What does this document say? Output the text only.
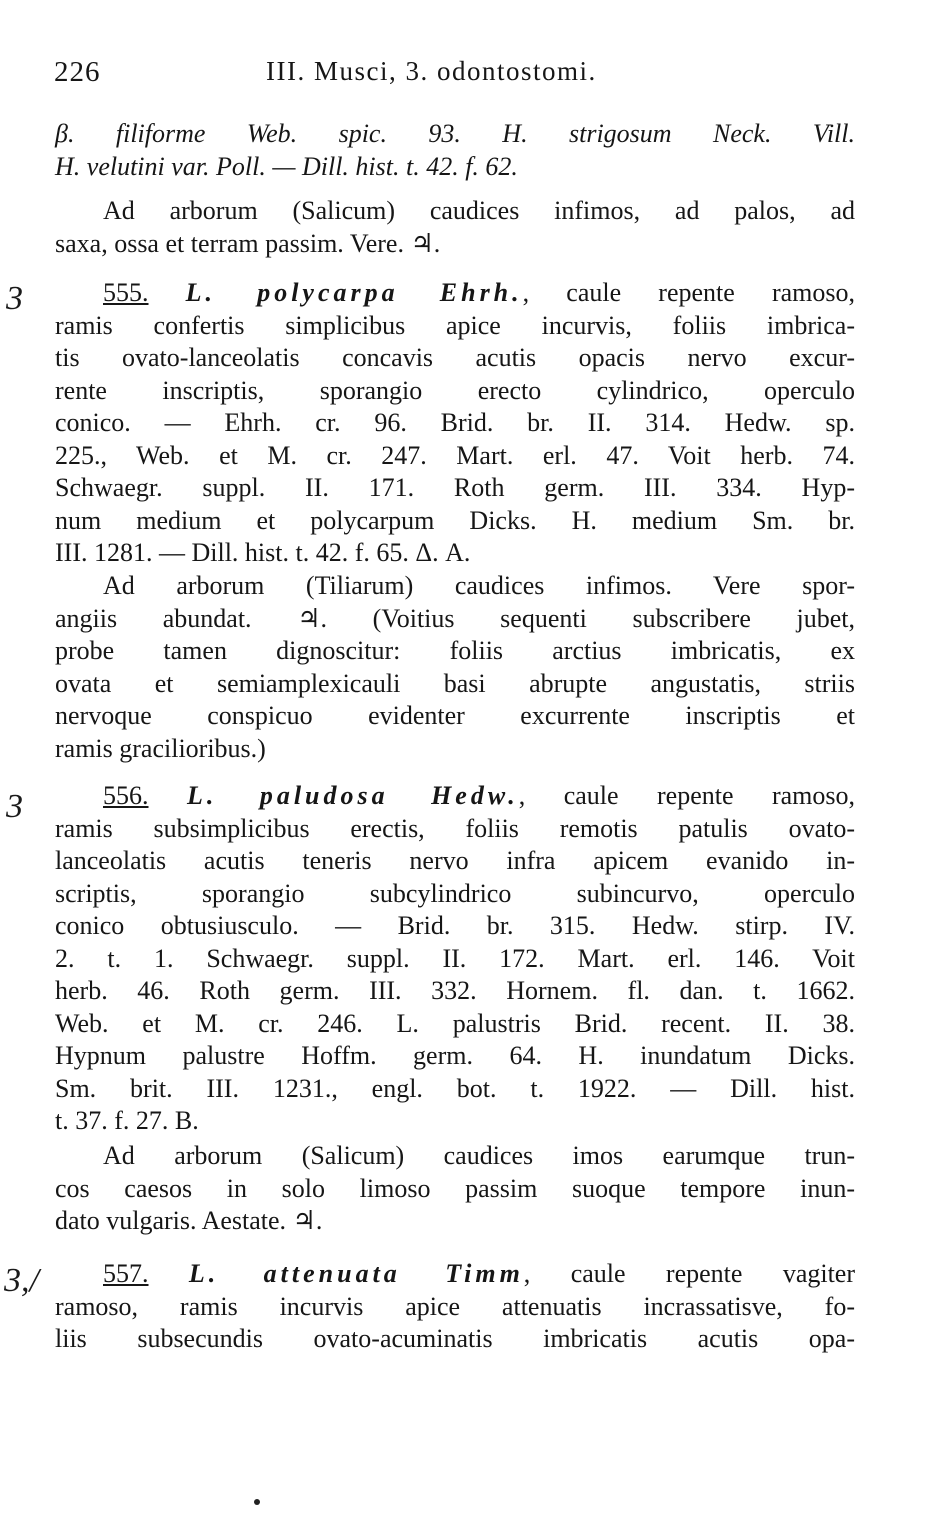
226	III. Musci, 3. odontostomi.
3
3
3,/
β. filiforme Web. spic. 93. H. strigosum Neck. Vill.
H. velutini var. Poll. — Dill. hist. t. 42. f. 62.
Ad arborum (Salicum) caudices infimos, ad palos, ad
saxa, ossa et terram passim. Vere. ♃.
555. L. polycarpa Ehrh., caule repente ramoso,
ramis confertis simplicibus apice incurvis, foliis imbrica-
tis ovato-lanceolatis concavis acutis opacis nervo excur-
rente inscriptis, sporangio erecto cylindrico, operculo
conico. — Ehrh. cr. 96. Brid. br. II. 314. Hedw. sp.
225., Web. et M. cr. 247. Mart. erl. 47. Voit herb. 74.
Schwaegr. suppl. II. 171. Roth germ. III. 334. Hyp-
num medium et polycarpum Dicks. H. medium Sm. br.
III. 1281. — Dill. hist. t. 42. f. 65. Δ. A.
Ad arborum (Tiliarum) caudices infimos. Vere spor-
angiis abundat. ♃. (Voitius sequenti subscribere jubet,
probe tamen dignoscitur: foliis arctius imbricatis, ex
ovata et semiamplexicauli basi abrupte angustatis, striis
nervoque conspicuo evidenter excurrente inscriptis et
ramis gracilioribus.)
556. L. paludosa Hedw., caule repente ramoso,
ramis subsimplicibus erectis, foliis remotis patulis ovato-
lanceolatis acutis teneris nervo infra apicem evanido in-
scriptis, sporangio subcylindrico subincurvo, operculo
conico obtusiusculo. — Brid. br. 315. Hedw. stirp. IV.
2. t. 1. Schwaegr. suppl. II. 172. Mart. erl. 146. Voit
herb. 46. Roth germ. III. 332. Hornem. fl. dan. t. 1662.
Web. et M. cr. 246. L. palustris Brid. recent. II. 38.
Hypnum palustre Hoffm. germ. 64. H. inundatum Dicks.
Sm. brit. III. 1231., engl. bot. t. 1922. — Dill. hist.
t. 37. f. 27. B.
Ad arborum (Salicum) caudices imos earumque trun-
cos caesos in solo limoso passim suoque tempore inun-
dato vulgaris. Aestate. ♃.
557. L. attenuata Timm, caule repente vagiter
ramoso, ramis incurvis apice attenuatis incrassatisve, fo-
liis subsecundis ovato-acuminatis imbricatis acutis opa-
